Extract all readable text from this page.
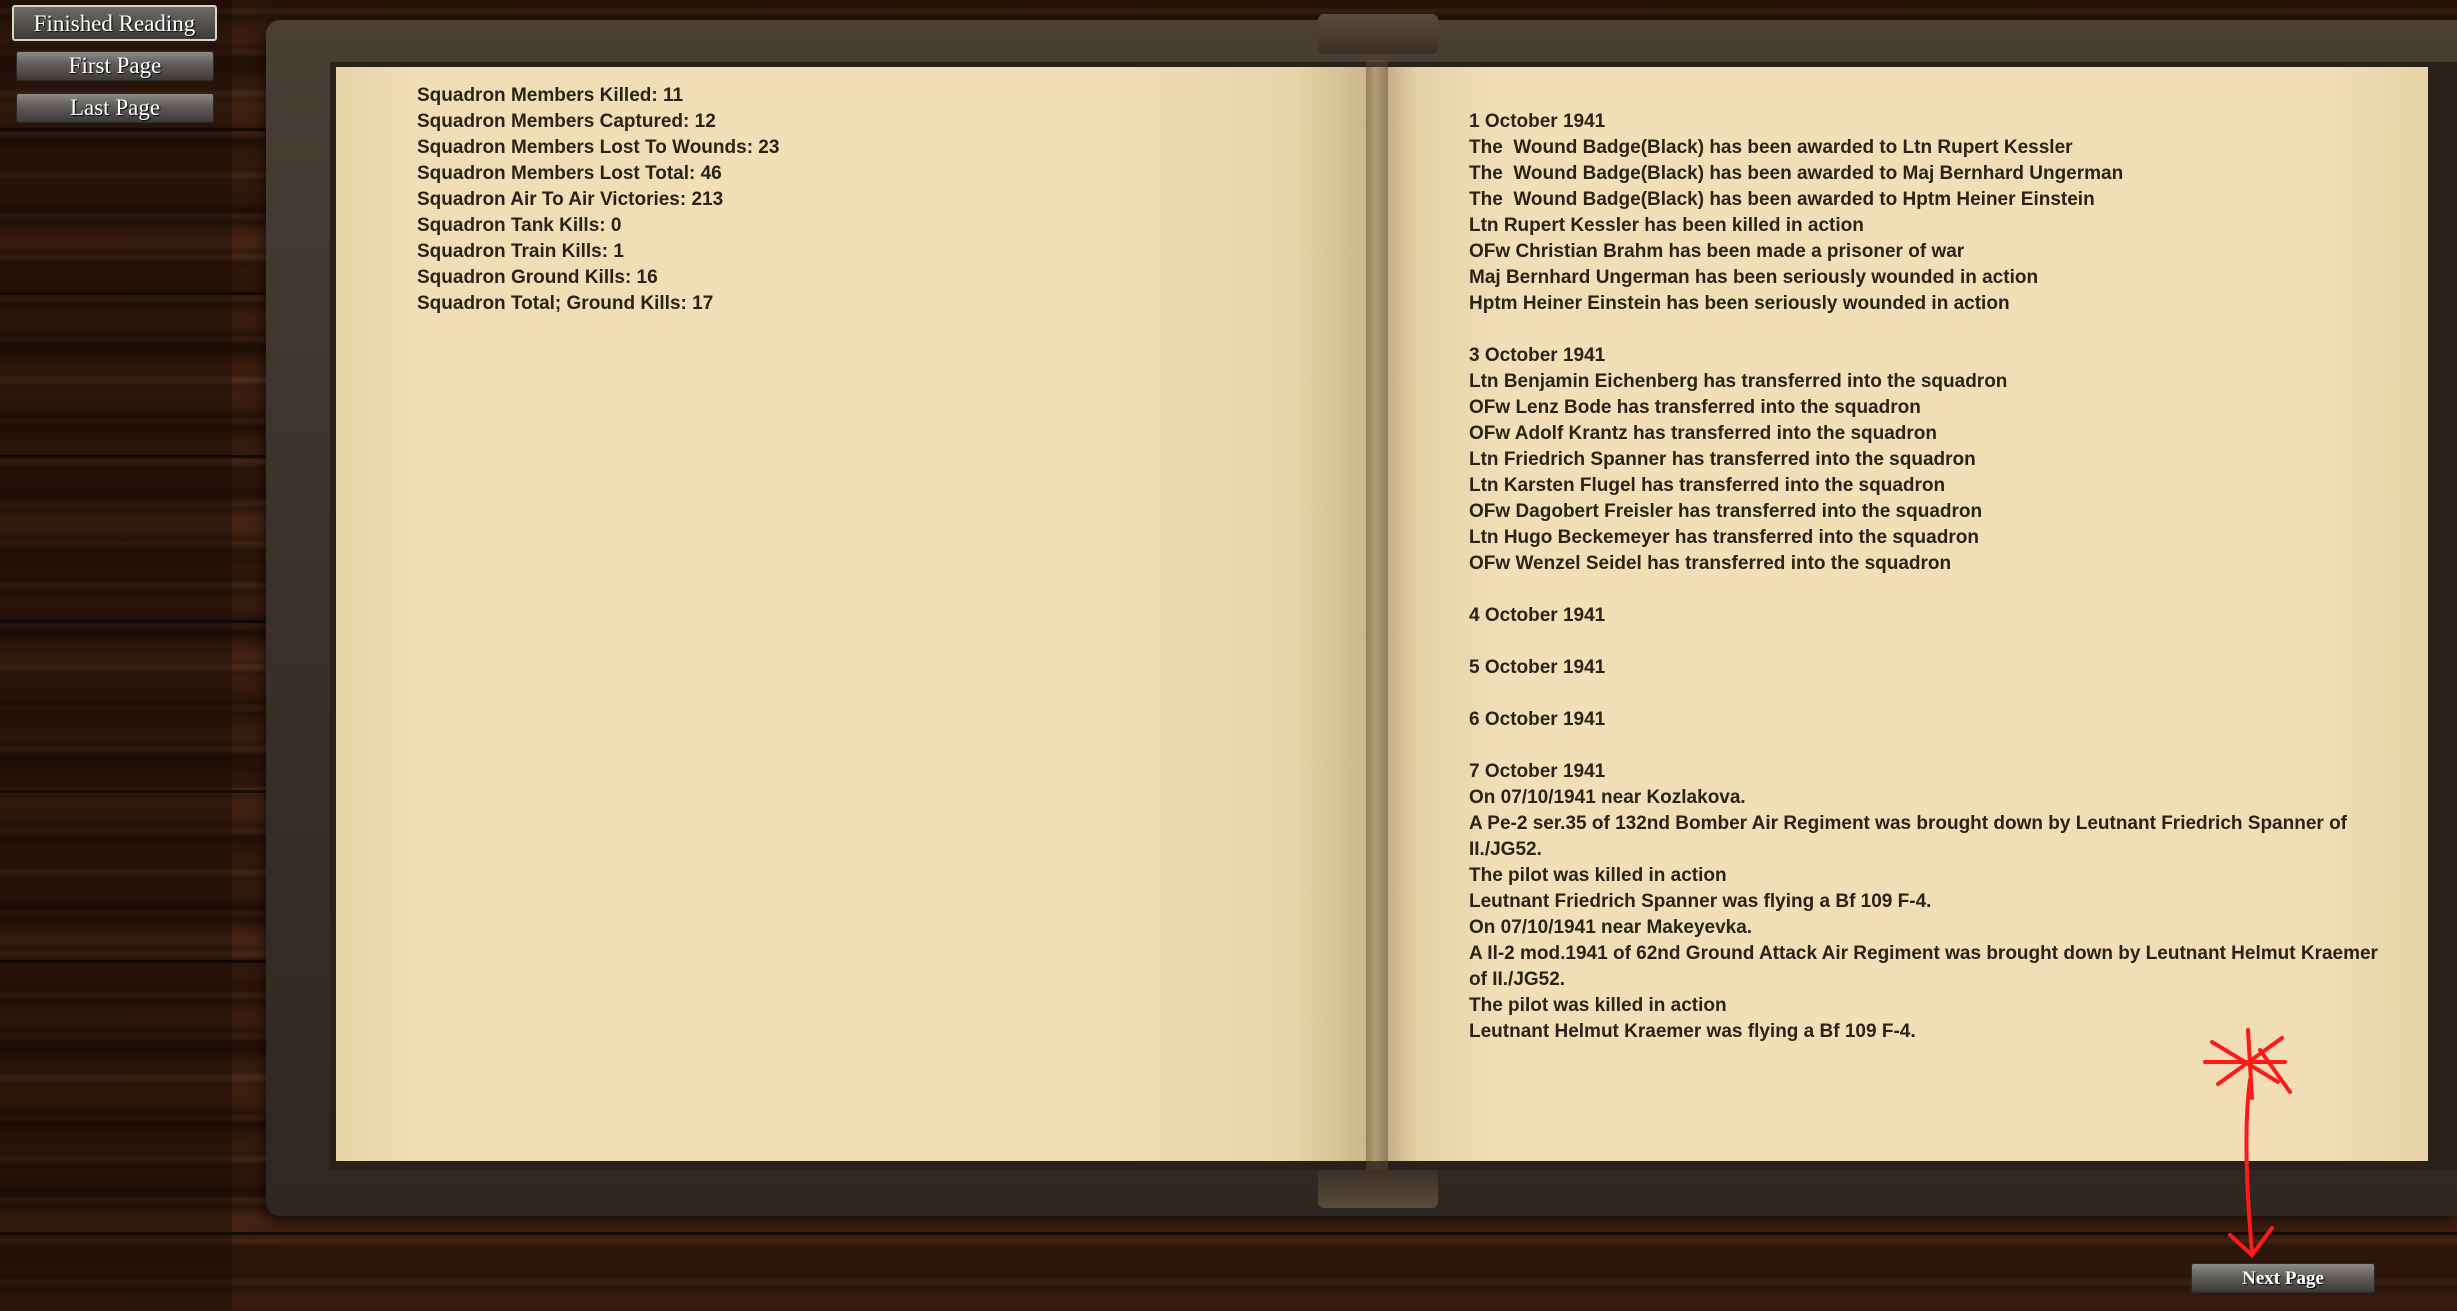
Finished Reading
First Page
Last Page	Squadron Members Killed: 11
Squadron Members Captured: 12
Squadron Members Lost To Wounds: 23
Squadron Members Lost Total: 46
Squadron Air To Air Victories: 213
Squadron Tank Kills: 0
Squadron Train Kills: 1
Squadron Ground Kills: 16
Squadron Total; Ground Kills: 17
1 October 1941
The  Wound Badge(Black) has been awarded to Ltn Rupert Kessler
The  Wound Badge(Black) has been awarded to Maj Bernhard Ungerman
The  Wound Badge(Black) has been awarded to Hptm Heiner Einstein
Ltn Rupert Kessler has been killed in action
OFw Christian Brahm has been made a prisoner of war
Maj Bernhard Ungerman has been seriously wounded in action
Hptm Heiner Einstein has been seriously wounded in action
3 October 1941
Ltn Benjamin Eichenberg has transferred into the squadron
OFw Lenz Bode has transferred into the squadron
OFw Adolf Krantz has transferred into the squadron
Ltn Friedrich Spanner has transferred into the squadron
Ltn Karsten Flugel has transferred into the squadron
OFw Dagobert Freisler has transferred into the squadron
Ltn Hugo Beckemeyer has transferred into the squadron
OFw Wenzel Seidel has transferred into the squadron
4 October 1941
5 October 1941
6 October 1941
7 October 1941
On 07/10/1941 near Kozlakova.
A Pe-2 ser.35 of 132nd Bomber Air Regiment was brought down by Leutnant Friedrich Spanner of
II./JG52.
The pilot was killed in action
Leutnant Friedrich Spanner was flying a Bf 109 F-4.
On 07/10/1941 near Makeyevka.
A Il-2 mod.1941 of 62nd Ground Attack Air Regiment was brought down by Leutnant Helmut Kraemer
of II./JG52.
The pilot was killed in action
Leutnant Helmut Kraemer was flying a Bf 109 F-4.
Next Page
